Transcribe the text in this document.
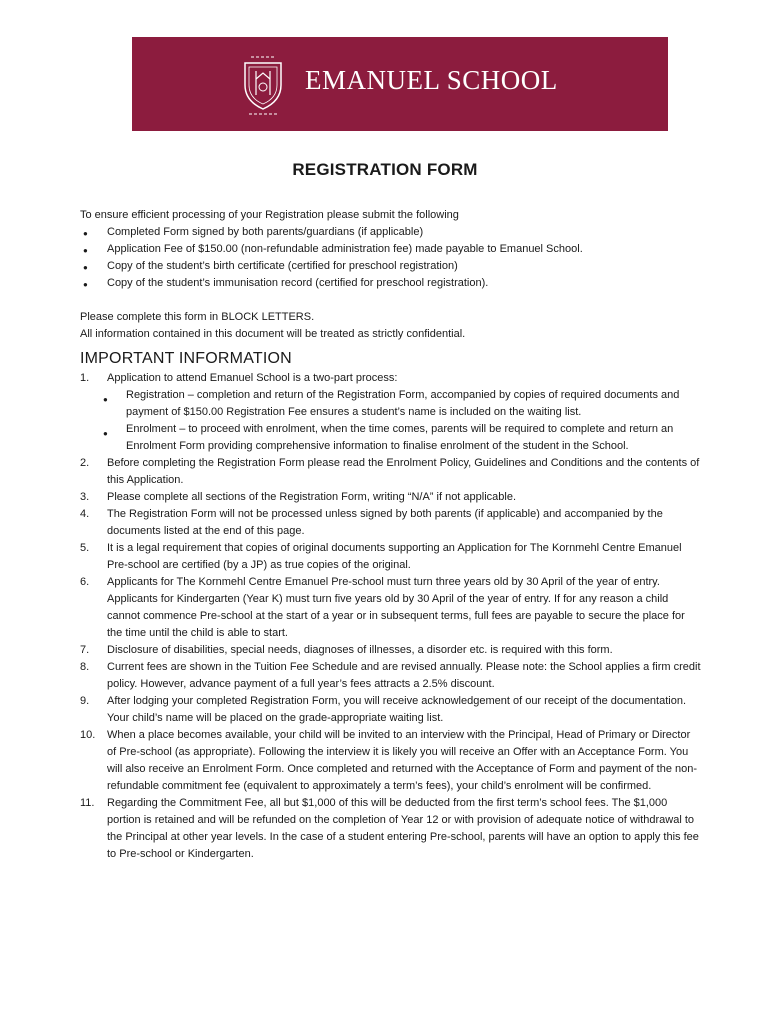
EMANUEL SCHOOL
REGISTRATION FORM

To ensure efficient processing of your Registration please submit the following

● Completed Form signed by both parents/guardians (if applicable)
● Application Fee of $150.00 (non-refundable administration fee) made payable to Emanuel School.
● Copy of the student’s birth certificate (certified for preschool registration)
● Copy of the student’s immunisation record (certified for preschool registration).

Please complete this form in BLOCK LETTERS.

All information contained in this document will be treated as strictly confidential.

IMPORTANT INFORMATION
1. Application to attend Emanuel School is a two-part process:
● Registration – completion and return of the Registration Form, accompanied by copies of required documents and payment of $150.00 Registration Fee ensures a student’s name is included on the waiting list.
● Enrolment – to proceed with enrolment, when the time comes, parents will be required to complete and return an Enrolment Form providing comprehensive information to finalise enrolment of the student in the School.
2. Before completing the Registration Form please read the Enrolment Policy, Guidelines and Conditions and the contents of this Application.
3. Please complete all sections of the Registration Form, writing “N/A” if not applicable.
4. The Registration Form will not be processed unless signed by both parents (if applicable) and accompanied by the documents listed at the end of this page.
5. It is a legal requirement that copies of original documents supporting an Application for The Kornmehl Centre Emanuel Pre-school are certified (by a JP) as true copies of the original.
6. Applicants for The Kornmehl Centre Emanuel Pre-school must turn three years old by 30 April of the year of entry. Applicants for Kindergarten (Year K) must turn five years old by 30 April of the year of entry. If for any reason a child cannot commence Pre-school at the start of a year or in subsequent terms, full fees are payable to secure the place for the time until the child is able to start.
7. Disclosure of disabilities, special needs, diagnoses of illnesses, a disorder etc. is required with this form.
8. Current fees are shown in the Tuition Fee Schedule and are revised annually. Please note: the School applies a firm credit policy. However, advance payment of a full year’s fees attracts a 2.5% discount.
9. After lodging your completed Registration Form, you will receive acknowledgement of our receipt of the documentation. Your child’s name will be placed on the grade-appropriate waiting list.
10. When a place becomes available, your child will be invited to an interview with the Principal, Head of Primary or Director of Pre-school (as appropriate). Following the interview it is likely you will receive an Offer with an Acceptance Form. You will also receive an Enrolment Form. Once completed and returned with the Acceptance of Form and payment of the non-refundable commitment fee (equivalent to approximately a term’s fees), your child’s enrolment will be confirmed.
11. Regarding the Commitment Fee, all but $1,000 of this will be deducted from the first term’s school fees. The $1,000 portion is retained and will be refunded on the completion of Year 12 or with provision of adequate notice of withdrawal to the Principal at other year levels. In the case of a student entering Pre-school, parents will have an option to apply this fee to Pre-school or Kindergarten.
